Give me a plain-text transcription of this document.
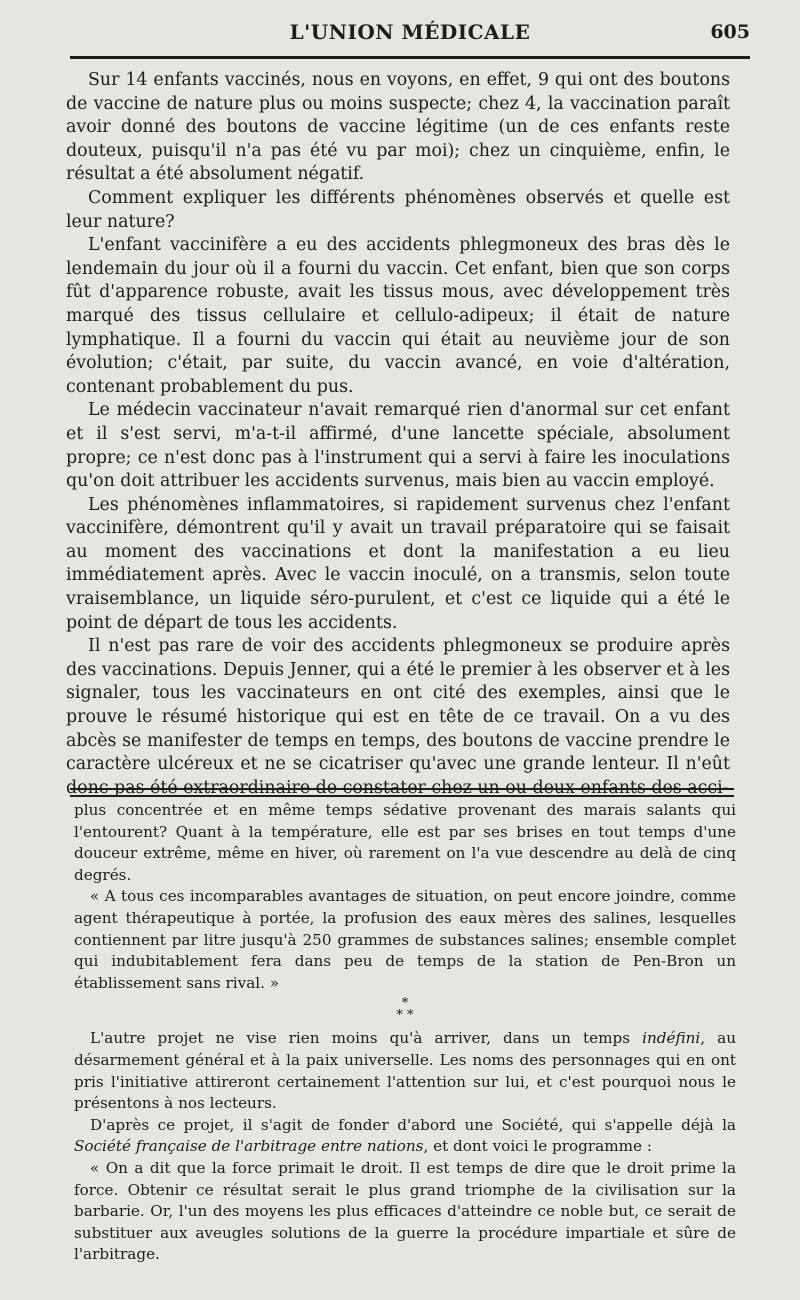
L'UNION MÉDICALE	605

Sur 14 enfants vaccinés, nous en voyons, en effet, 9 qui ont des boutons de vaccine de nature plus ou moins suspecte; chez 4, la vaccination paraît avoir donné des boutons de vaccine légitime (un de ces enfants reste douteux, puisqu'il n'a pas été vu par moi); chez un cinquième, enfin, le résultat a été absolument négatif.

Comment expliquer les différents phénomènes observés et quelle est leur nature?

L'enfant vaccinifère a eu des accidents phlegmoneux des bras dès le lendemain du jour où il a fourni du vaccin. Cet enfant, bien que son corps fût d'apparence robuste, avait les tissus mous, avec développement très marqué des tissus cellulaire et cellulo-adipeux; il était de nature lymphatique. Il a fourni du vaccin qui était au neuvième jour de son évolution; c'était, par suite, du vaccin avancé, en voie d'altération, contenant probablement du pus.

Le médecin vaccinateur n'avait remarqué rien d'anormal sur cet enfant et il s'est servi, m'a-t-il affirmé, d'une lancette spéciale, absolument propre; ce n'est donc pas à l'instrument qui a servi à faire les inoculations qu'on doit attribuer les accidents survenus, mais bien au vaccin employé.

Les phénomènes inflammatoires, si rapidement survenus chez l'enfant vaccinifère, démontrent qu'il y avait un travail préparatoire qui se faisait au moment des vaccinations et dont la manifestation a eu lieu immédiatement après. Avec le vaccin inoculé, on a transmis, selon toute vraisemblance, un liquide séro-purulent, et c'est ce liquide qui a été le point de départ de tous les accidents.

Il n'est pas rare de voir des accidents phlegmoneux se produire après des vaccinations. Depuis Jenner, qui a été le premier à les observer et à les signaler, tous les vaccinateurs en ont cité des exemples, ainsi que le prouve le résumé historique qui est en tête de ce travail. On a vu des abcès se manifester de temps en temps, des boutons de vaccine prendre le caractère ulcéreux et ne se cicatriser qu'avec une grande lenteur. Il n'eût donc pas été extraordinaire de constater chez un ou deux enfants des acci-

plus concentrée et en même temps sédative provenant des marais salants qui l'entourent? Quant à la température, elle est par ses brises en tout temps d'une douceur extrême, même en hiver, où rarement on l'a vue descendre au delà de cinq degrés.

« A tous ces incomparables avantages de situation, on peut encore joindre, comme agent thérapeutique à portée, la profusion des eaux mères des salines, lesquelles contiennent par litre jusqu'à 250 grammes de substances salines; ensemble complet qui indubitablement fera dans peu de temps de la station de Pen-Bron un établissement sans rival. »

*
* *

L'autre projet ne vise rien moins qu'à arriver, dans un temps indéfini, au désarmement général et à la paix universelle. Les noms des personnages qui en ont pris l'initiative attireront certainement l'attention sur lui, et c'est pourquoi nous le présentons à nos lecteurs.

D'après ce projet, il s'agit de fonder d'abord une Société, qui s'appelle déjà la Société française de l'arbitrage entre nations, et dont voici le programme :

« On a dit que la force primait le droit. Il est temps de dire que le droit prime la force. Obtenir ce résultat serait le plus grand triomphe de la civilisation sur la barbarie. Or, l'un des moyens les plus efficaces d'atteindre ce noble but, ce serait de substituer aux aveugles solutions de la guerre la procédure impartiale et sûre de l'arbitrage.
